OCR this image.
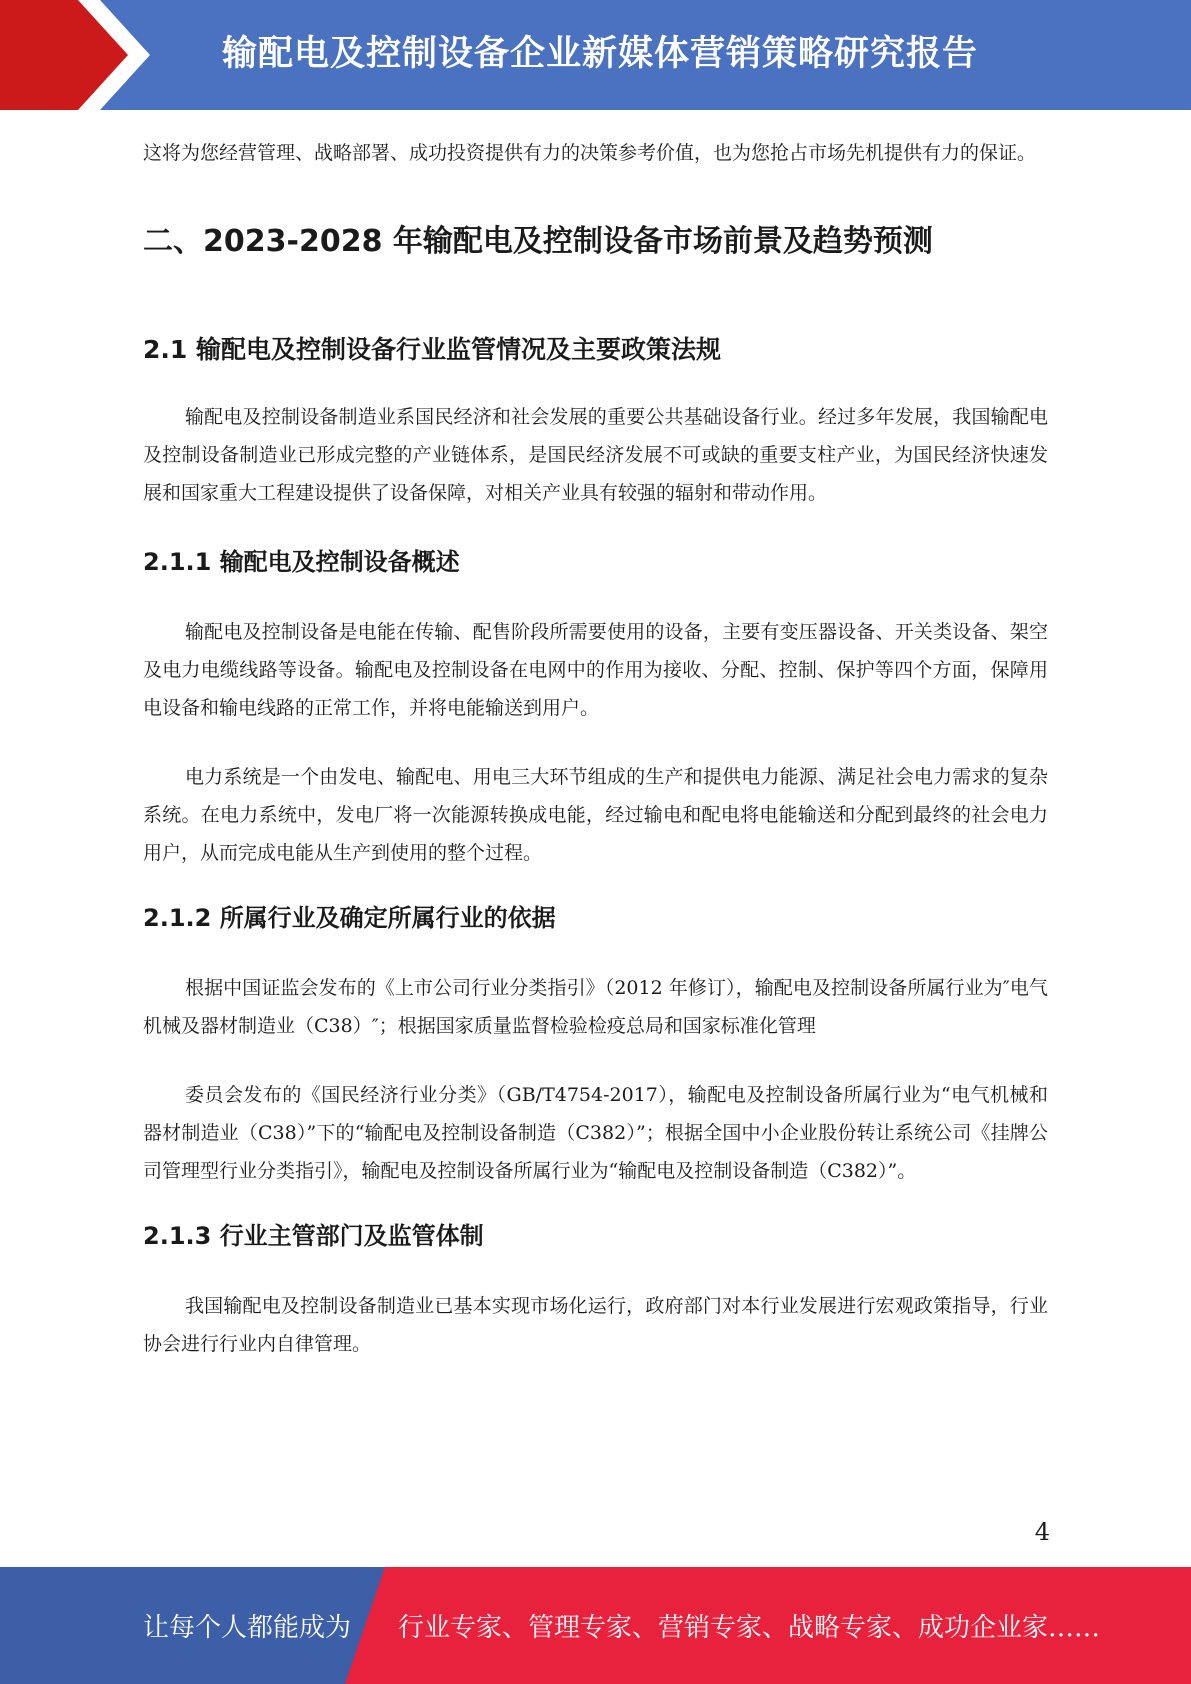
输配电及控制设备企业新媒体营销策略研究报告

这将为您经营管理、战略部署、成功投资提供有力的决策参考价值，也为您抢占市场先机提供有力的保证。

二、2023-2028 年输配电及控制设备市场前景及趋势预测
2.1 输配电及控制设备行业监管情况及主要政策法规

输配电及控制设备制造业系国民经济和社会发展的重要公共基础设备行业。经过多年发展，我国输配电及控制设备制造业已形成完整的产业链体系，是国民经济发展不可或缺的重要支柱产业，为国民经济快速发展和国家重大工程建设提供了设备保障，对相关产业具有较强的辐射和带动作用。

2.1.1 输配电及控制设备概述

输配电及控制设备是电能在传输、配售阶段所需要使用的设备，主要有变压器设备、开关类设备、架空及电力电缆线路等设备。输配电及控制设备在电网中的作用为接收、分配、控制、保护等四个方面，保障用电设备和输电线路的正常工作，并将电能输送到用户。

电力系统是一个由发电、输配电、用电三大环节组成的生产和提供电力能源、满足社会电力需求的复杂系统。在电力系统中，发电厂将一次能源转换成电能，经过输电和配电将电能输送和分配到最终的社会电力用户，从而完成电能从生产到使用的整个过程。

2.1.2 所属行业及确定所属行业的依据

根据中国证监会发布的《上市公司行业分类指引》（2012 年修订），输配电及控制设备所属行业为″电气机械及器材制造业（C38）″；根据国家质量监督检验检疫总局和国家标准化管理

委员会发布的《国民经济行业分类》（GB/T4754-2017），输配电及控制设备所属行业为“电气机械和器材制造业（C38）”下的“输配电及控制设备制造（C382）”；根据全国中小企业股份转让系统公司《挂牌公司管理型行业分类指引》，输配电及控制设备所属行业为“输配电及控制设备制造（C382）”。

2.1.3 行业主管部门及监管体制

我国输配电及控制设备制造业已基本实现市场化运行，政府部门对本行业发展进行宏观政策指导，行业协会进行行业内自律管理。

4
让每个人都能成为 行业专家、管理专家、营销专家、战略专家、成功企业家……
